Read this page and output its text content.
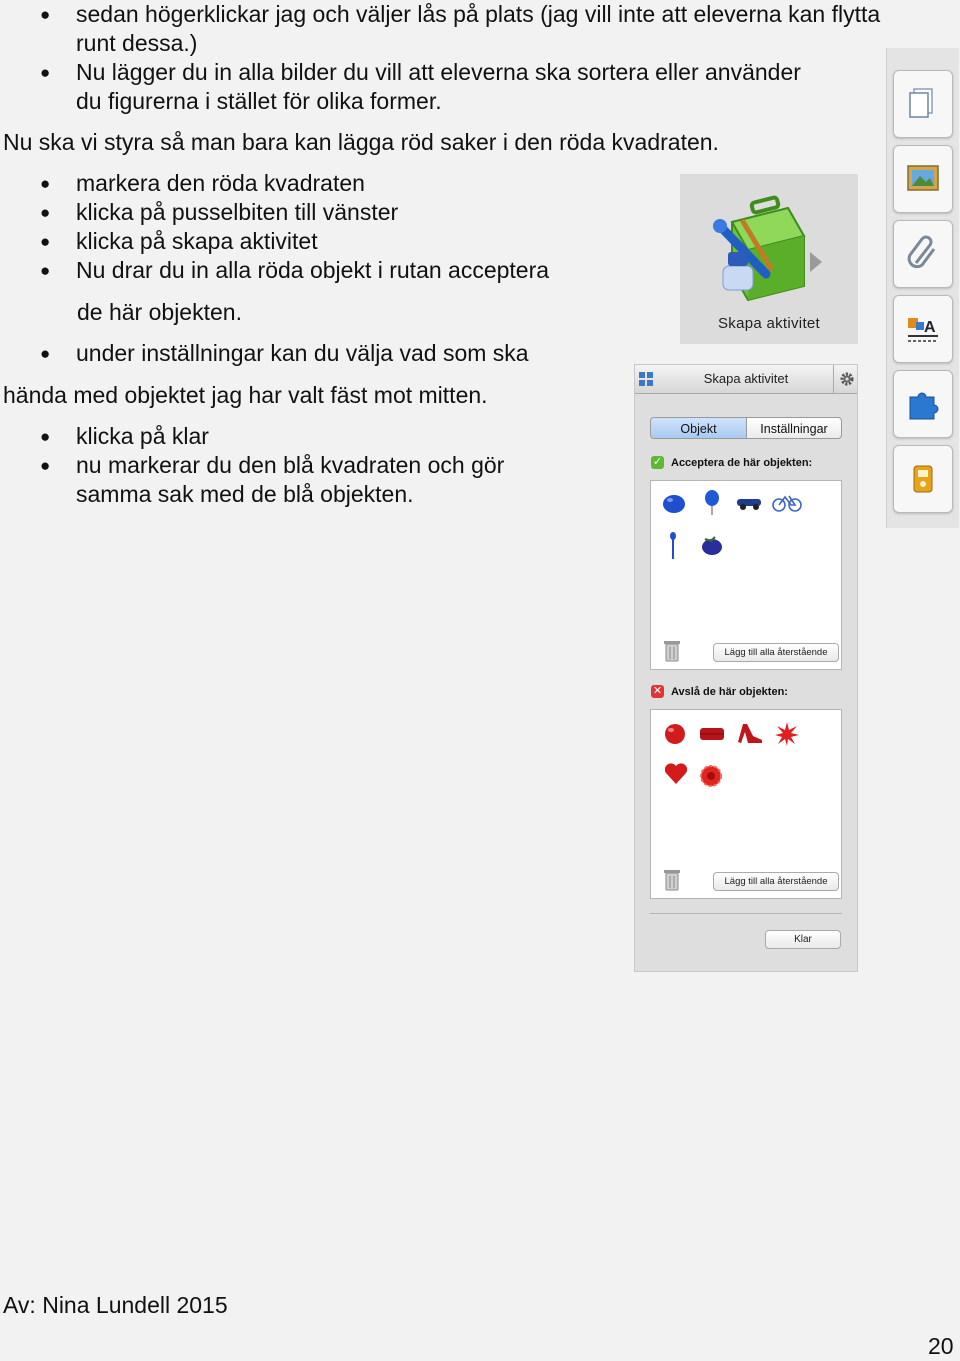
● sedan högerklickar jag och väljer lås på plats (jag vill inte att eleverna kan flytta
runt dessa.)
● Nu lägger du in alla bilder du vill att eleverna ska sortera eller använder
du figurerna i stället för olika former.
Nu ska vi styra så man bara kan lägga röd saker i den röda kvadraten.
● markera den röda kvadraten
● klicka på pusselbiten till vänster
● klicka på skapa aktivitet
● Nu drar du in alla röda objekt i rutan acceptera
de här objekten.
● under inställningar kan du välja vad som ska
hända med objektet jag har valt fäst mot mitten.
● klicka på klar
● nu markerar du den blå kvadraten och gör
samma sak med de blå objekten.
Skapa aktivitet
Skapa aktivitet
Objekt	Inställningar
✓ Acceptera de här objekten:
Lägg till alla återstående
✕ Avslå de här objekten:
Lägg till alla återstående
Klar
A
Av: Nina Lundell 2015
20
